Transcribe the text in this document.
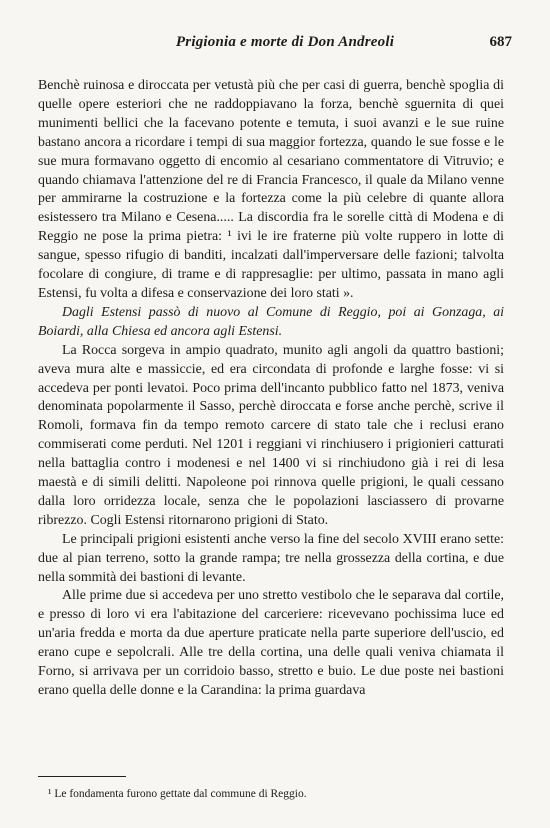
Prigionia e morte di Don Andreoli	687

Benchè ruinosa e diroccata per vetustà più che per casi di guerra, benchè spoglia di quelle opere esteriori che ne raddoppiavano la forza, benchè sguernita di quei munimenti bellici che la facevano potente e temuta, i suoi avanzi e le sue ruine bastano ancora a ricordare i tempi di sua maggior fortezza, quando le sue fosse e le sue mura formavano oggetto di encomio al cesariano commentatore di Vitruvio; e quando chiamava l'attenzione del re di Francia Francesco, il quale da Milano venne per ammirarne la costruzione e la fortezza come la più celebre di quante allora esistessero tra Milano e Cesena..... La discordia fra le sorelle città di Modena e di Reggio ne pose la prima pietra: ¹ ivi le ire fraterne più volte ruppero in lotte di sangue, spesso rifugio di banditi, incalzati dall'imperversare delle fazioni; talvolta focolare di congiure, di trame e di rappresaglie: per ultimo, passata in mano agli Estensi, fu volta a difesa e conservazione dei loro stati ».

Dagli Estensi passò di nuovo al Comune di Reggio, poi ai Gonzaga, ai Boiardi, alla Chiesa ed ancora agli Estensi.

La Rocca sorgeva in ampio quadrato, munito agli angoli da quattro bastioni; aveva mura alte e massiccie, ed era circondata di profonde e larghe fosse: vi si accedeva per ponti levatoi. Poco prima dell'incanto pubblico fatto nel 1873, veniva denominata popolarmente il Sasso, perchè diroccata e forse anche perchè, scrive il Romoli, formava fin da tempo remoto carcere di stato tale che i reclusi erano commiserati come perduti. Nel 1201 i reggiani vi rinchiusero i prigionieri catturati nella battaglia contro i modenesi e nel 1400 vi si rinchiudono già i rei di lesa maestà e di simili delitti. Napoleone poi rinnova quelle prigioni, le quali cessano dalla loro orridezza locale, senza che le popolazioni lasciassero di provarne ribrezzo. Cogli Estensi ritornarono prigioni di Stato.

Le principali prigioni esistenti anche verso la fine del secolo XVIII erano sette: due al pian terreno, sotto la grande rampa; tre nella grossezza della cortina, e due nella sommità dei bastioni di levante.

Alle prime due si accedeva per uno stretto vestibolo che le separava dal cortile, e presso di loro vi era l'abitazione del carceriere: ricevevano pochissima luce ed un'aria fredda e morta da due aperture praticate nella parte superiore dell'uscio, ed erano cupe e sepolcrali. Alle tre della cortina, una delle quali veniva chiamata il Forno, si arrivava per un corridoio basso, stretto e buio. Le due poste nei bastioni erano quella delle donne e la Carandina: la prima guardava

¹ Le fondamenta furono gettate dal commune di Reggio.
